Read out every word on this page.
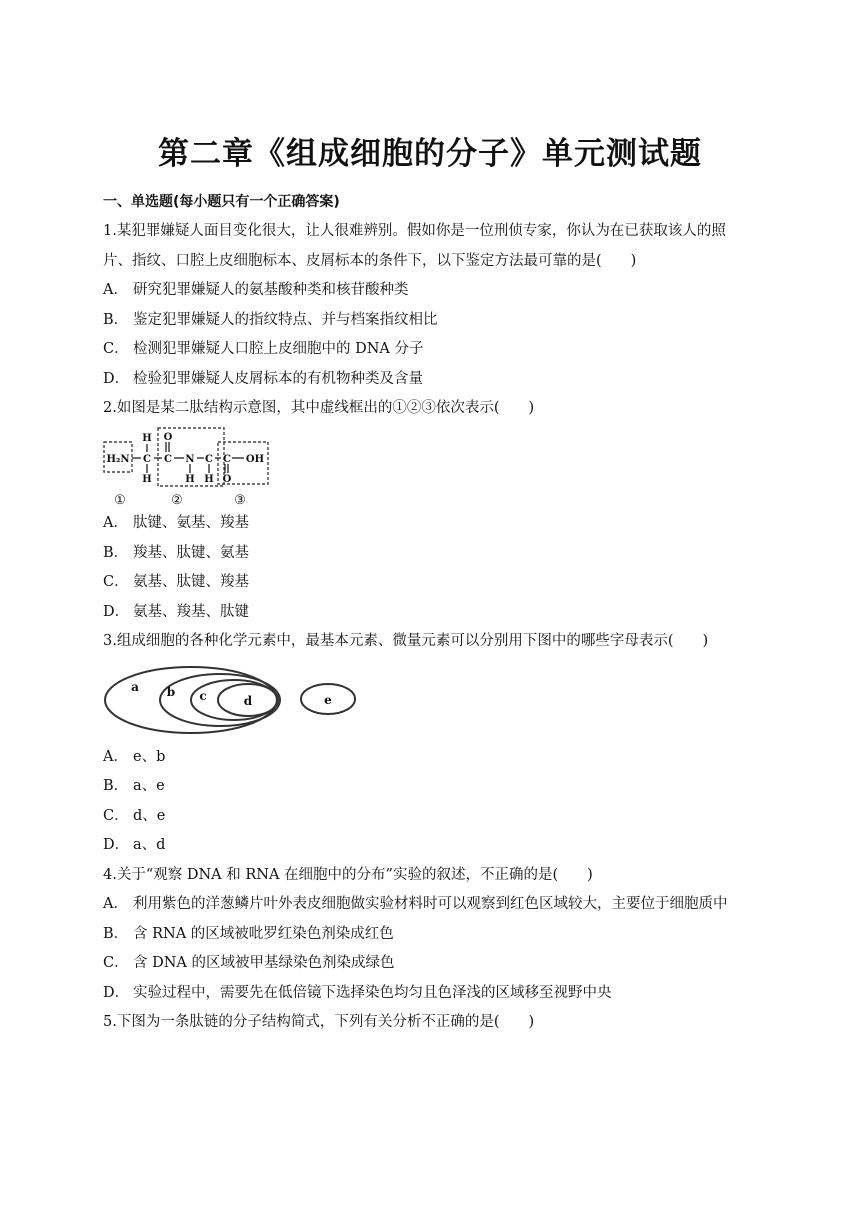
第二章《组成细胞的分子》单元测试题
一、单选题(每小题只有一个正确答案)
1.某犯罪嫌疑人面目变化很大，让人很难辨别。假如你是一位刑侦专家，你认为在已获取该人的照
片、指纹、口腔上皮细胞标本、皮屑标本的条件下，以下鉴定方法最可靠的是(　　)
A． 研究犯罪嫌疑人的氨基酸种类和核苷酸种类
B． 鉴定犯罪嫌疑人的指纹特点、并与档案指纹相比
C． 检测犯罪嫌疑人口腔上皮细胞中的 DNA 分子
D． 检验犯罪嫌疑人皮屑标本的有机物种类及含量
2.如图是某二肽结构示意图，其中虚线框出的①②③依次表示(　　)
H₂N C
H
H
C
O
N
H
C
H
C
O
OH
①	②	③
A． 肽键、氨基、羧基
B． 羧基、肽键、氨基
C． 氨基、肽键、羧基
D． 氨基、羧基、肽键
3.组成细胞的各种化学元素中，最基本元素、微量元素可以分别用下图中的哪些字母表示(　　)
a b c	d	e
A． e、b
B． a、e
C． d、e
D． a、d
4.关于“观察 DNA 和 RNA 在细胞中的分布”实验的叙述，不正确的是(　　)
A． 利用紫色的洋葱鳞片叶外表皮细胞做实验材料时可以观察到红色区域较大，主要位于细胞质中
B． 含 RNA 的区域被吡罗红染色剂染成红色
C． 含 DNA 的区域被甲基绿染色剂染成绿色
D． 实验过程中，需要先在低倍镜下选择染色均匀且色泽浅的区域移至视野中央
5.下图为一条肽链的分子结构简式，下列有关分析不正确的是(　　)
